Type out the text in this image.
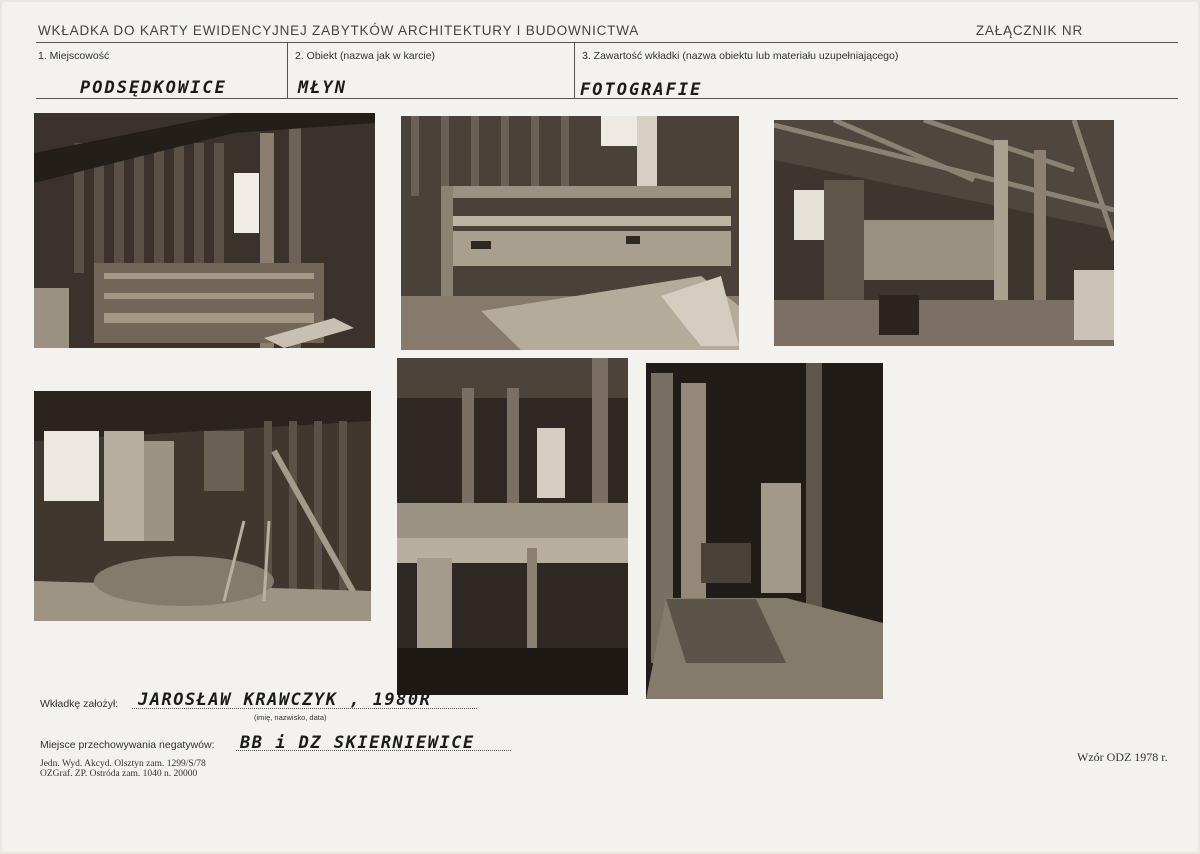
WKŁADKA DO KARTY EWIDENCYJNEJ ZABYTKÓW ARCHITEKTURY I BUDOWNICTWA	ZAŁĄCZNIK NR
1. Miejscowość	2. Obiekt (nazwa jak w karcie)	3. Zawartość wkładki (nazwa obiektu lub materiału uzupełniającego)
PODSĘDKOWICE	MŁYN	FOTOGRAFIE
Wkładkę założył: JAROSŁAW KRAWCZYK , 1980R
(imię, nazwisko, data)
Miejsce przechowywania negatywów: BB i DZ SKIERNIEWICE
Jedn. Wyd. Akcyd. Olsztyn zam. 1299/S/78
OZGraf. ZP. Ostróda zam. 1040 n. 20000
Wzór ODZ 1978 r.
